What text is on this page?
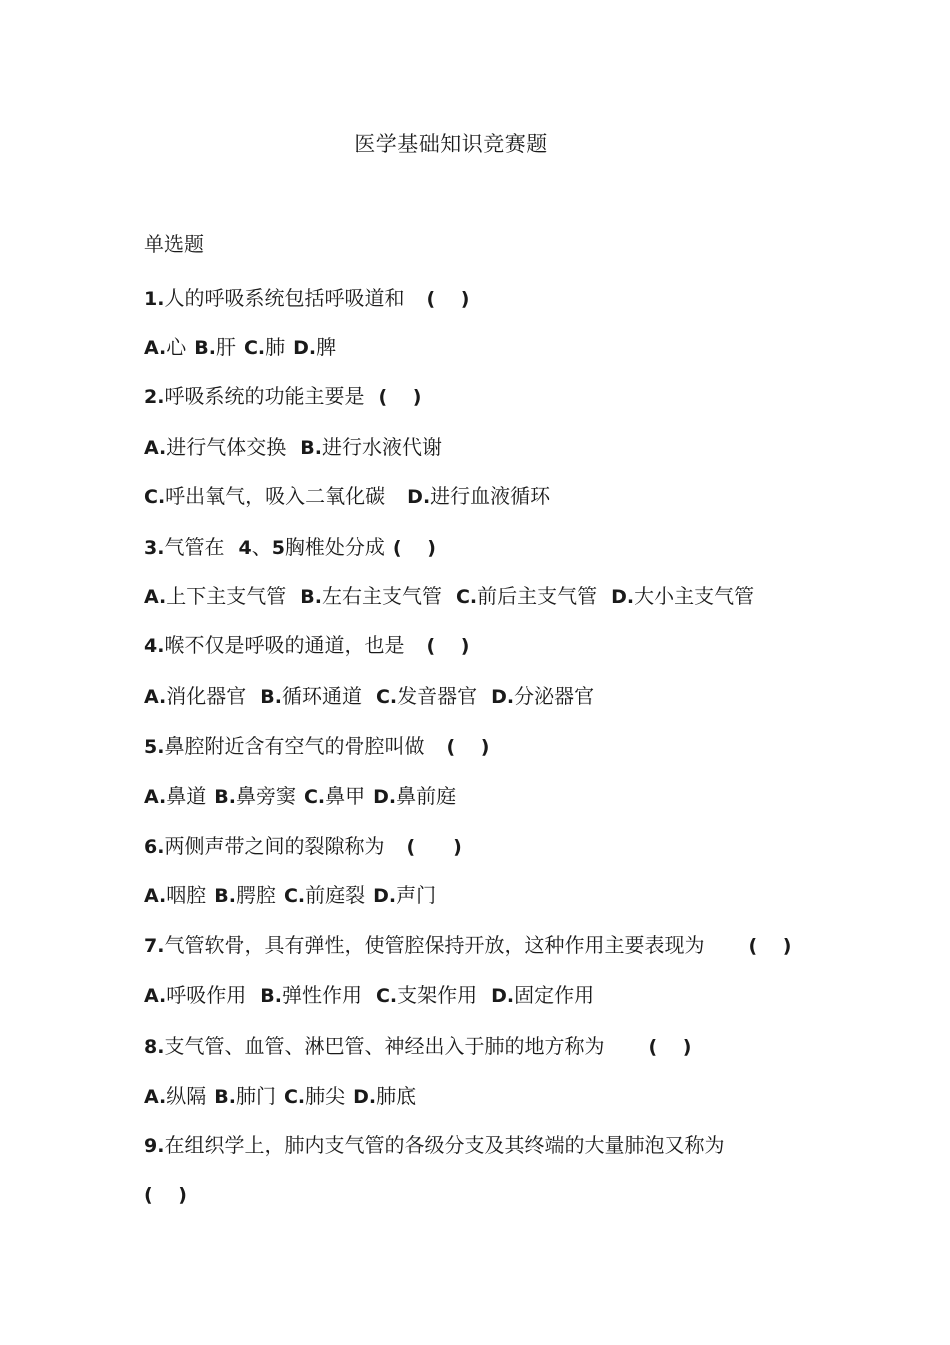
医学基础知识竞赛题
单选题
1.人的呼吸系统包括呼吸道和 (　 )
A.心 B.肝 C.肺 D.脾
2.呼吸系统的功能主要是 (　 )
A.进行气体交换 B.进行水液代谢
C.呼出氧气，吸入二氧化碳 D.进行血液循环
3.气管在 4、5胸椎处分成 (　 )
A.上下主支气管 B.左右主支气管 C.前后主支气管 D.大小主支气管
4.喉不仅是呼吸的通道，也是 (　 )
A.消化器官 B.循环通道 C.发音器官 D.分泌器官
5.鼻腔附近含有空气的骨腔叫做 (　 )
A.鼻道 B.鼻旁窦 C.鼻甲 D.鼻前庭
6.两侧声带之间的裂隙称为 (　　)
A.咽腔 B.腭腔 C.前庭裂 D.声门
7.气管软骨，具有弹性，使管腔保持开放，这种作用主要表现为 (　 )
A.呼吸作用 B.弹性作用 C.支架作用 D.固定作用
8.支气管、血管、淋巴管、神经出入于肺的地方称为 (　 )
A.纵隔 B.肺门 C.肺尖 D.肺底
9.在组织学上，肺内支气管的各级分支及其终端的大量肺泡又称为
(　 )
